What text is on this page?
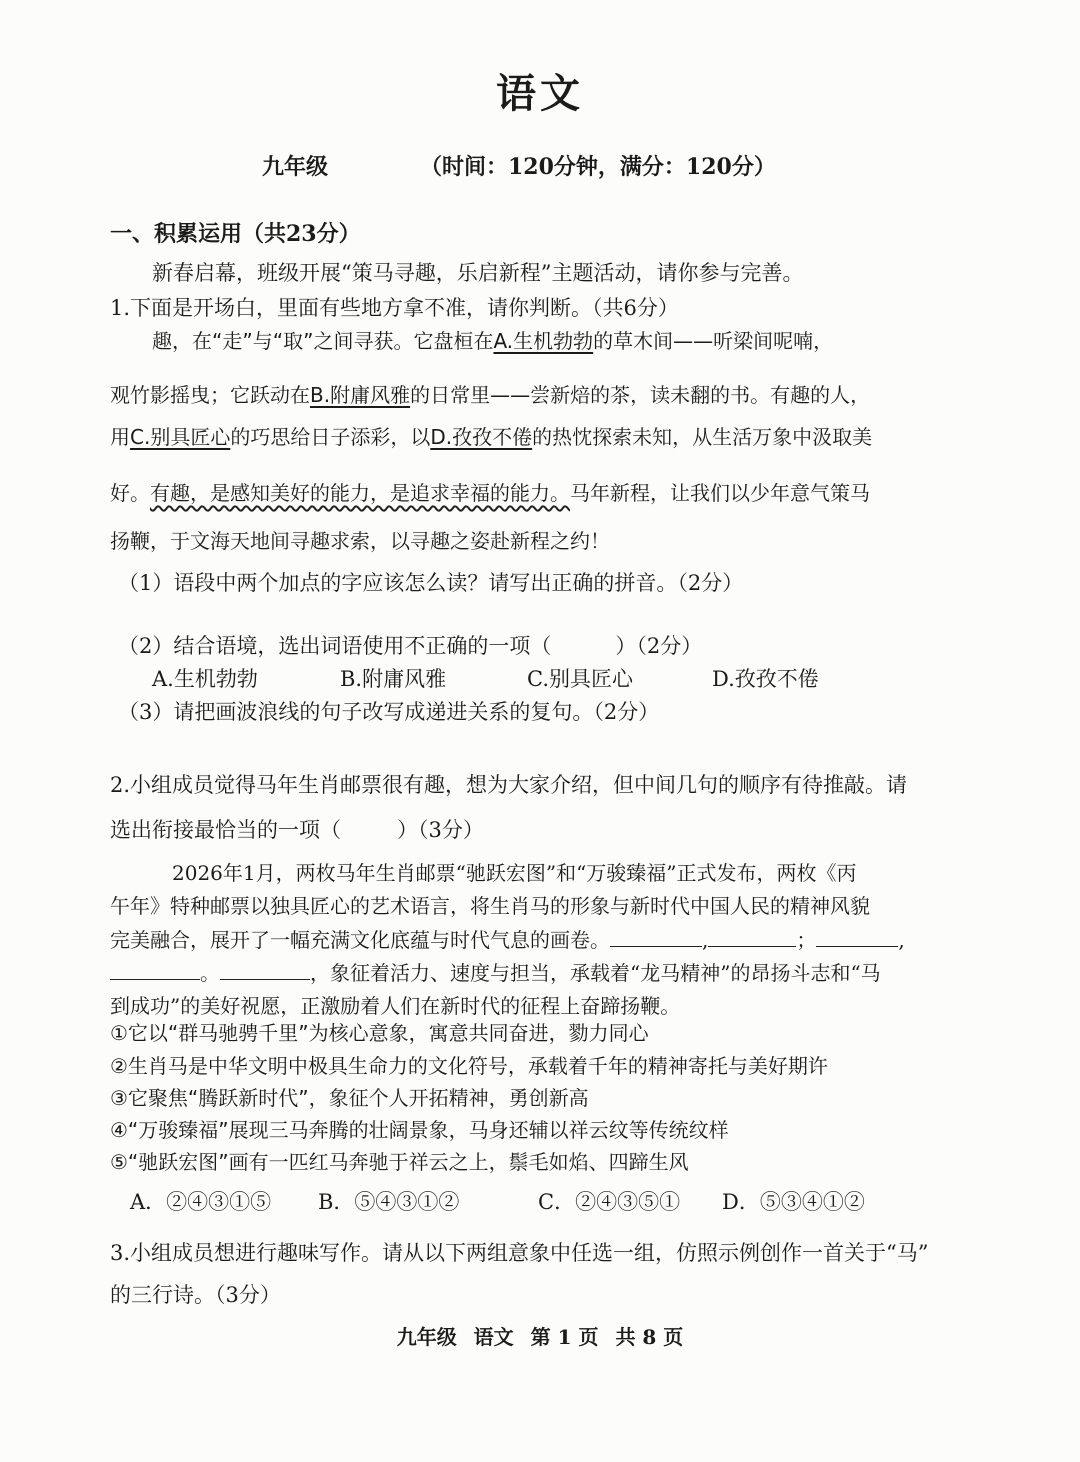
语文
九年级	（时间：120分钟，满分：120分）
一、积累运用（共23分）
新春启幕，班级开展“策马寻趣，乐启新程”主题活动，请你参与完善。
1.下面是开场白，里面有些地方拿不准，请你判断。（共6分）
趣，在“走”与“取”之间寻获。它盘桓在A.生机勃勃的草木间——听梁间呢喃，
观竹影摇曳；它跃动在B.附庸风雅的日常里——尝新焙的茶，读未翻的书。有趣的人，
用C.别具匠心的巧思给日子添彩，以D.孜孜不倦的热忱探索未知，从生活万象中汲取美
好。有趣，是感知美好的能力，是追求幸福的能力。马年新程，让我们以少年意气策马
扬鞭，于文海天地间寻趣求索，以寻趣之姿赴新程之约！
（1）语段中两个加点的字应该怎么读？请写出正确的拼音。（2分）
（2）结合语境，选出词语使用不正确的一项（	）（2分）
A.生机勃勃	B.附庸风雅	C.别具匠心	D.孜孜不倦
（3）请把画波浪线的句子改写成递进关系的复句。（2分）
2.小组成员觉得马年生肖邮票很有趣，想为大家介绍，但中间几句的顺序有待推敲。请
选出衔接最恰当的一项（	）（3分）
2026年1月，两枚马年生肖邮票“驰跃宏图”和“万骏臻福”正式发布，两枚《丙
午年》特种邮票以独具匠心的艺术语言，将生肖马的形象与新时代中国人民的精神风貌
完美融合，展开了一幅充满文化底蕴与时代气息的画卷。	,	；	,
。	，象征着活力、速度与担当，承载着“龙马精神”的昂扬斗志和“马
到成功”的美好祝愿，正激励着人们在新时代的征程上奋蹄扬鞭。
①它以“群马驰骋千里”为核心意象，寓意共同奋进，勠力同心
②生肖马是中华文明中极具生命力的文化符号，承载着千年的精神寄托与美好期许
③它聚焦“腾跃新时代”，象征个人开拓精神，勇创新高
④“万骏臻福”展现三马奔腾的壮阔景象，马身还辅以祥云纹等传统纹样
⑤“驰跃宏图”画有一匹红马奔驰于祥云之上，鬃毛如焰、四蹄生风
A．②④③①⑤ B．⑤④③①②	C．②④③⑤① D．⑤③④①②
3.小组成员想进行趣味写作。请从以下两组意象中任选一组，仿照示例创作一首关于“马”
的三行诗。（3分）
九年级 语文 第 1 页 共 8 页
